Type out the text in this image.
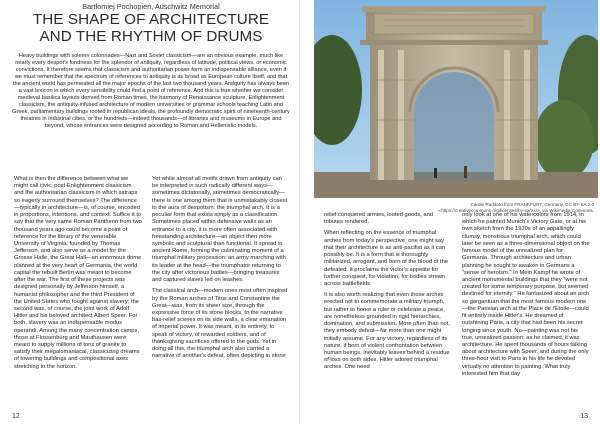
Bartłomiej Pochopień, Auschwitz Memorial
THE SHAPE OF ARCHITECTURE
AND THE RHYTHM OF DRUMS

Heavy buildings with solemn colonnades—Nazi and Soviet classicism—are an obvious example, much like nearly every despot's fondness for the splendor of antiquity, regardless of latitude, political views, or economic convictions. It therefore seems that classicism and authoritarian power form an indispensable alliance, even if we must remember that the spectrum of references to antiquity is as broad as European culture itself, and that the ancient world has permeated all the major epochs of the last two thousand years. Antiquity has always been a vast lexicon in which every sensibility could find a point of reference. And this is true whether we consider medieval basilica layouts derived from Roman times, the harmony of Renaissance sculpture, Enlightenment classicism, the antiquity-infused architecture of modern universities or grammar schools teaching Latin and Greek, parliamentary buildings rooted in republican ideals, the profoundly democratic spirit of nineteenth-century theatres in industrial cities, or the hundreds—indeed thousands—of libraries and museums in Europe and beyond, whose entrances were designed according to Roman and Hellenistic models.

What is then the difference between what we might call civic, post-Enlightenment classicism and the authoritarian classicism in which satraps so eagerly surround themselves? The difference—typically in architecture—is, of course, encoded in proportions, intentions, and context. Suffice it to say that the very same Roman Pantheon from two thousand years ago could become a point of reference for the library of the venerable University of Virginia, founded by Thomas Jefferson, and also serve as a model for the Grosse Halle, the Great Hall—an enormous dome planned at the very heart of Germania, the world capital the rebuilt Berlin was meant to become after the war. The first of these projects was designed personally by Jefferson himself, a humanist philosopher and the third President of the United States who fought against slavery; the second was, of course, the joint work of Adolf Hitler and his beloved architect Albert Speer. For both, slavery was an indispensable modus operandi. Among the many concentration camps, those at Flossenbürg and Mauthausen were meant to supply millions of tons of granite to satisfy their megalomaniacal, classicizing dreams of towering buildings and compositional axes stretching to the horizon.

Yet while almost all motifs drawn from antiquity can be interpreted in such radically different ways—sometimes dictatorially, sometimes democratically—there is one among them that is unmistakably closest to the aura of despotism: the triumphal arch. It is a peculiar form that exists simply as a classification. Sometimes placed within defensive walls as an entrance to a city, it is more often associated with freestanding architecture—an object then more symbolic and sculptural than functional. It spread in ancient Rome, forming the culminating moment of a triumphal military procession: an army marching with its leader at the head—the triumphator returning to the city after victorious battles—bringing treasures and captured slaves led on leashes.

The classical arch—modern ones most often inspired by the Roman arches of Titus and Constantine the Great—was, from its sheer size, through the expressive force of its stone blocks, to the narrative bas-relief scenes on its side walls, a clear emanation of imperial power. It was meant, in its entirety, to speak of victory, of rewarded soldiers, and of thanksgiving sacrifices offered to the gods. Yet in doing all this, the triumphal arch also carried a narrative of another's defeat, often depicting in stone

12

Carole Raddato from FRANKFURT, Germany, CC BY-SA 2.0
<https://creativecommons.org/licenses/by-sa/2.0>, via Wikimedia Commons.

relief conquered armies, looted goods, and tributes rendered.

When reflecting on the essence of triumphal arches from today's perspective, one might say that their architecture is as anti-pacifist as it can possibly be. It is a form that is thoroughly militarized, arrogant, and born of the blood of the defeated. It proclaims the victor's appetite for further conquest, for violation, for bodies strewn across battlefields.

It is also worth realizing that even those arches erected not to commemorate a military triumph, but rather to honor a ruler or celebrate a peace, are nonetheless grounded in rigid hierarchies, domination, and submission. More often than not, they embody defeat—far more than one might initially assume. For any victory, regardless of its nature, if born of violent confrontation between human beings, inevitably leaves behind a residue of loss on both sides. Hitler adored triumphal arches. One need

only look at one of his watercolors from 1914, in which he painted Munich's Victory Gate, or at his own sketch from the 1920s of an appallingly clumsy, monstrous triumphal arch, which could later be seen as a three-dimensional object on the famous model of the unrealized plan for Germania. Through architecture and urban planning he sought to awaken in Germans a "sense of heroism." In Mein Kampf he wrote of ancient monumental buildings that they "were not created for some temporary purpose, but seemed destined for eternity." He fantasized about an arch so gargantuan that the most famous modern one—the Parisian arch at the Place de l'Étoile—could fit entirely inside Hitler's. He dreamed of outshining Paris, a city that had been his secret longing since youth. No—painting was not his true, unrealized passion; as he claimed, it was architecture. He spent thousands of hours talking about architecture with Speer, and during the only three-hour visit to Paris in his life he devoted virtually no attention to painting. What truly interested him that day

13
